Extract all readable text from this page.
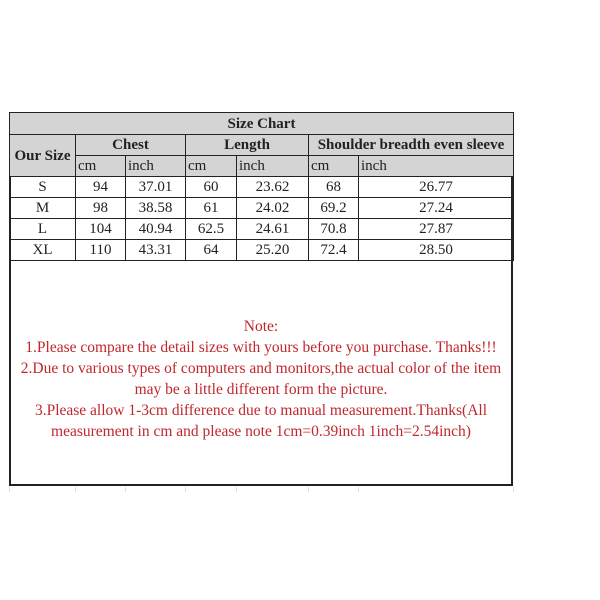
Size Chart						
Our Size	Chest		Length		Shoulder breadth even sleeve	
	cm	inch	cm	inch	cm	inch
S	94	37.01	60	23.62	68	26.77
M	98	38.58	61	24.02	69.2	27.24
L	104	40.94	62.5	24.61	70.8	27.87
XL	110	43.31	64	25.20	72.4	28.50
Note:
1.Please compare the detail sizes with yours before you purchase. Thanks!!!
2.Due to various types of computers and monitors,the actual color of the item may be a little different form the picture.
3.Please allow 1-3cm difference due to manual measurement.Thanks(All measurement in cm and please note 1cm=0.39inch 1inch=2.54inch)
